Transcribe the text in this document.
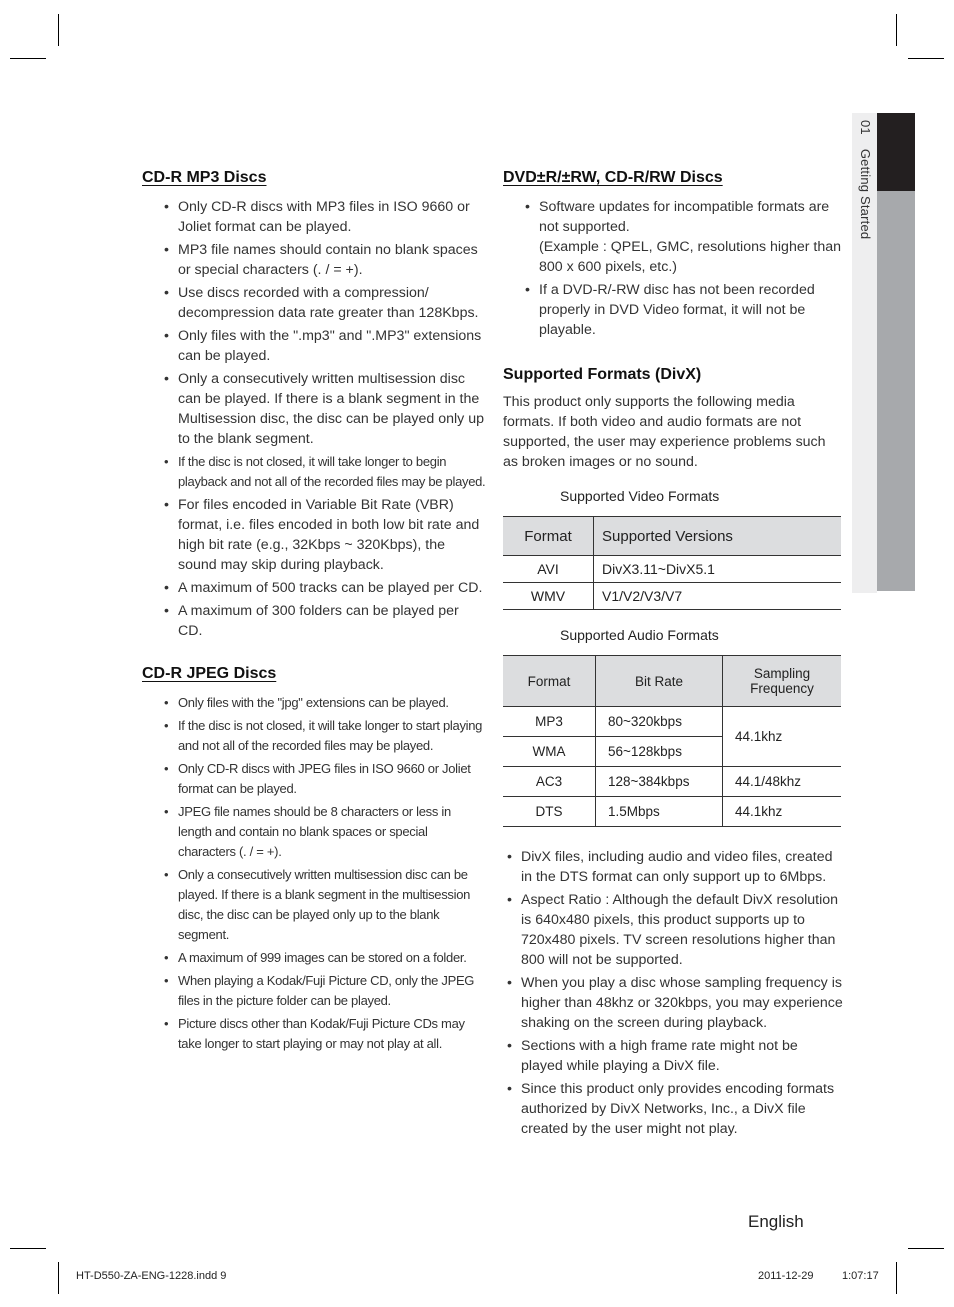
01Getting Started
CD-R MP3 Discs
• Only CD-R discs with MP3 files in ISO 9660 or Joliet format can be played.
• MP3 file names should contain no blank spaces or special characters (. / = +).
• Use discs recorded with a compression/ decompression data rate greater than 128Kbps.
• Only files with the ".mp3" and ".MP3" extensions can be played.
• Only a consecutively written multisession disc can be played. If there is a blank segment in the Multisession disc, the disc can be played only up to the blank segment.
• If the disc is not closed, it will take longer to begin playback and not all of the recorded files may be played.
• For files encoded in Variable Bit Rate (VBR) format, i.e. files encoded in both low bit rate and high bit rate (e.g., 32Kbps ~ 320Kbps), the sound may skip during playback.
• A maximum of 500 tracks can be played per CD.
• A maximum of 300 folders can be played per CD.
CD-R JPEG Discs
• Only files with the "jpg" extensions can be played.
• If the disc is not closed, it will take longer to start playing and not all of the recorded files may be played.
• Only CD-R discs with JPEG files in ISO 9660 or Joliet format can be played.
• JPEG file names should be 8 characters or less in length and contain no blank spaces or special characters (. / = +).
• Only a consecutively written multisession disc can be played. If there is a blank segment in the multisession disc, the disc can be played only up to the blank segment.
• A maximum of 999 images can be stored on a folder.
• When playing a Kodak/Fuji Picture CD, only the JPEG files in the picture folder can be played.
• Picture discs other than Kodak/Fuji Picture CDs may take longer to start playing or may not play at all.
DVD±R/±RW, CD-R/RW Discs
• Software updates for incompatible formats are not supported.
(Example : QPEL, GMC, resolutions higher than 800 x 600 pixels, etc.)
• If a DVD-R/-RW disc has not been recorded properly in DVD Video format, it will not be playable.
Supported Formats (DivX)

This product only supports the following media formats. If both video and audio formats are not supported, the user may experience problems such as broken images or no sound.

Supported Video Formats
Format	Supported Versions
AVI	DivX3.11~DivX5.1
WMV	V1/V2/V3/V7
Supported Audio Formats
Format	Bit Rate	Sampling Frequency
MP3	80~320kbps	44.1khz
WMA	56~128kbps	
AC3	128~384kbps	44.1/48khz
DTS	1.5Mbps	44.1khz
• DivX files, including audio and video files, created in the DTS format can only support up to 6Mbps.
• Aspect Ratio : Although the default DivX resolution is 640x480 pixels, this product supports up to 720x480 pixels. TV screen resolutions higher than 800 will not be supported.
• When you play a disc whose sampling frequency is higher than 48khz or 320kbps, you may experience shaking on the screen during playback.
• Sections with a high frame rate might not be played while playing a DivX file.
• Since this product only provides encoding formats authorized by DivX Networks, Inc., a DivX file created by the user might not play.
English
HT-D550-ZA-ENG-1228.indd 9	2011-12-29	1:07:17
